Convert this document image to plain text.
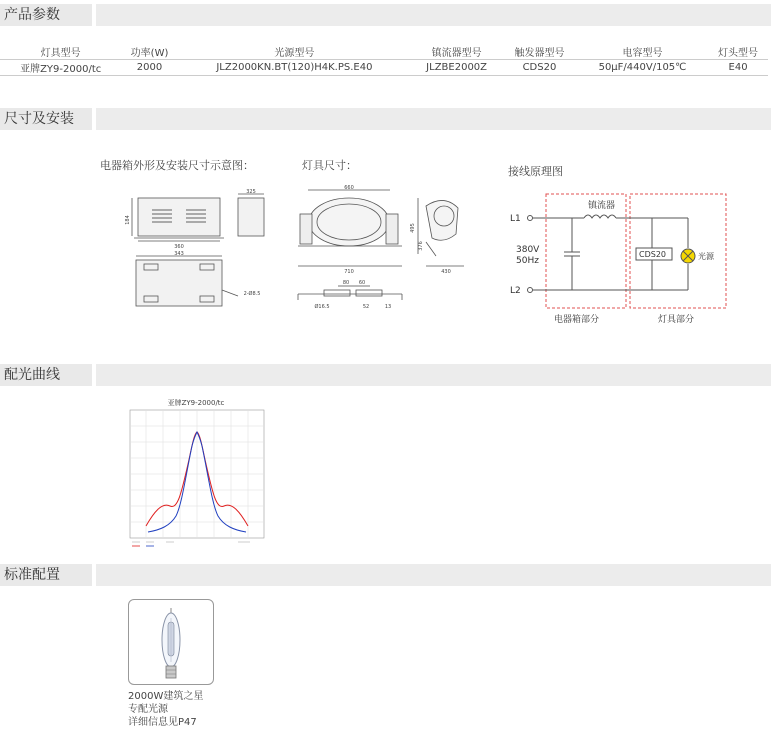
产品参数
灯具型号	功率(W)	光源型号	镇流器型号	触发器型号	电容型号	灯头型号
亚牌ZY9-2000/tc	2000	JLZ2000KN.BT(120)H4K.PS.E40	JLZBE2000Z	CDS20	50μF/440V/105℃	E40
尺寸及安装
电器箱外形及安装尺寸示意图：	灯具尺寸：	接线原理图
325
184
360
343
2-Ø8.5
660
710
495
376
430
80 60
Ø16.5	52	13
L1
L2
镇流器
380V
50Hz
CDS20	光源
电器箱部分	灯具部分
配光曲线
亚牌ZY9-2000/tc
标准配置
2000W建筑之星
专配光源
详细信息见P47
